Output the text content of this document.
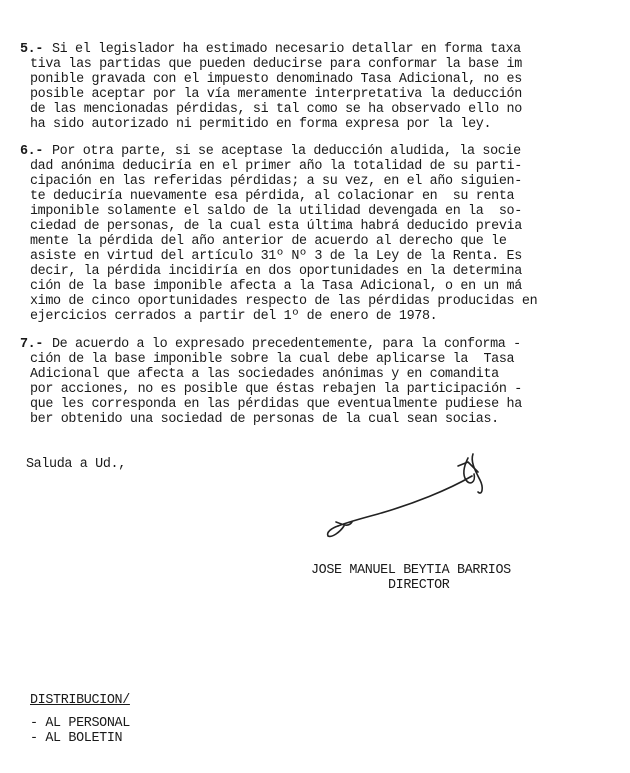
5.- Si el legislador ha estimado necesario detallar en forma taxa
tiva las partidas que pueden deducirse para conformar la base im
ponible gravada con el impuesto denominado Tasa Adicional, no es
posible aceptar por la vía meramente interpretativa la deducción
de las mencionadas pérdidas, si tal como se ha observado ello no
ha sido autorizado ni permitido en forma expresa por la ley.
6.- Por otra parte, si se aceptase la deducción aludida, la socie
dad anónima deduciría en el primer año la totalidad de su parti-
cipación en las referidas pérdidas; a su vez, en el año siguien-
te deduciría nuevamente esa pérdida, al colacionar en  su renta
imponible solamente el saldo de la utilidad devengada en la  so-
ciedad de personas, de la cual esta última habrá deducido previa
mente la pérdida del año anterior de acuerdo al derecho que le
asiste en virtud del artículo 31º Nº 3 de la Ley de la Renta. Es
decir, la pérdida incidiría en dos oportunidades en la determina
ción de la base imponible afecta a la Tasa Adicional, o en un má
ximo de cinco oportunidades respecto de las pérdidas producidas en
ejercicios cerrados a partir del 1º de enero de 1978.
7.- De acuerdo a lo expresado precedentemente, para la conforma -
ción de la base imponible sobre la cual debe aplicarse la  Tasa
Adicional que afecta a las sociedades anónimas y en comandita
por acciones, no es posible que éstas rebajen la participación -
que les corresponda en las pérdidas que eventualmente pudiese ha
ber obtenido una sociedad de personas de la cual sean socias.
Saluda a Ud.,
JOSE MANUEL BEYTIA BARRIOS
DIRECTOR
DISTRIBUCION/
- AL PERSONAL
- AL BOLETIN
